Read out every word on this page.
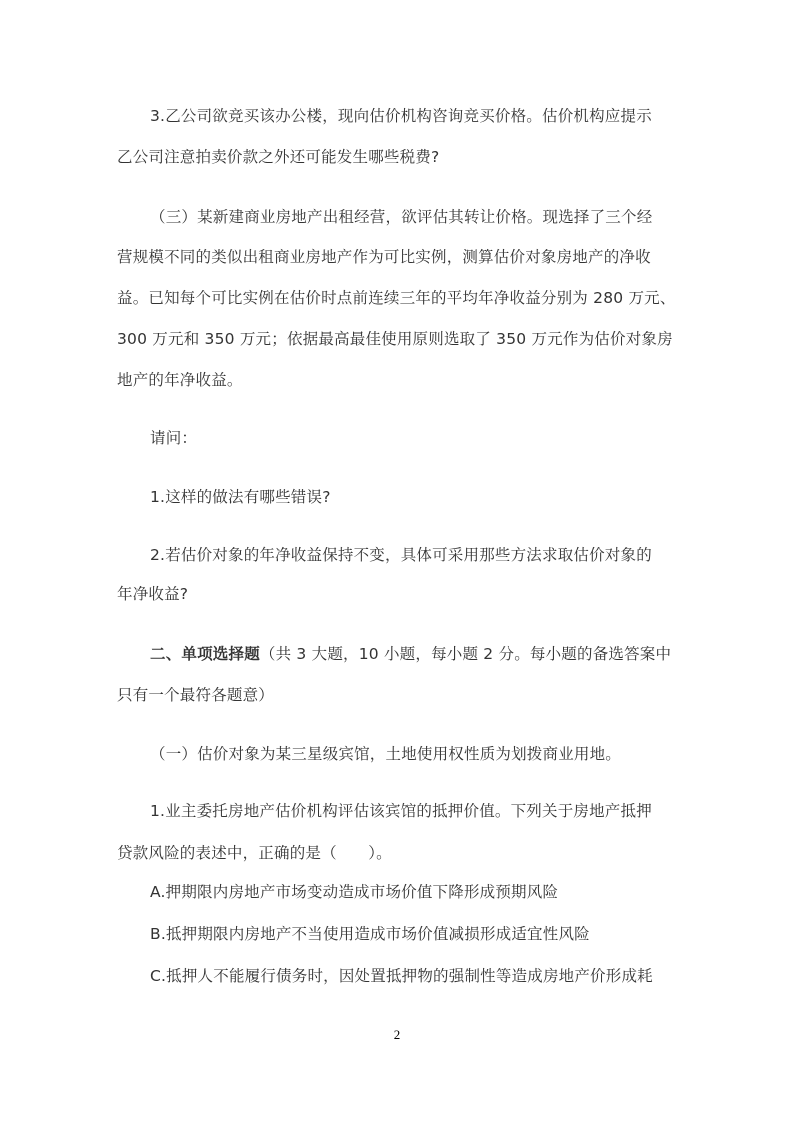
3.乙公司欲竞买该办公楼，现向估价机构咨询竞买价格。估价机构应提示
乙公司注意拍卖价款之外还可能发生哪些税费?
（三）某新建商业房地产出租经营，欲评估其转让价格。现选择了三个经
营规模不同的类似出租商业房地产作为可比实例，测算估价对象房地产的净收
益。已知每个可比实例在估价时点前连续三年的平均年净收益分别为 280 万元、
300 万元和 350 万元；依据最高最佳使用原则选取了 350 万元作为估价对象房
地产的年净收益。
请问：
1.这样的做法有哪些错误?
2.若估价对象的年净收益保持不变，具体可采用那些方法求取估价对象的
年净收益?
二、单项选择题（共 3 大题，10 小题，每小题 2 分。每小题的备选答案中
只有一个最符各题意）
（一）估价对象为某三星级宾馆，土地使用权性质为划拨商业用地。
1.业主委托房地产估价机构评估该宾馆的抵押价值。下列关于房地产抵押
贷款风险的表述中，正确的是（　　）。
A.押期限内房地产市场变动造成市场价值下降形成预期风险
B.抵押期限内房地产不当使用造成市场价值减损形成适宜性风险
C.抵押人不能履行债务时，因处置抵押物的强制性等造成房地产价形成耗
2
